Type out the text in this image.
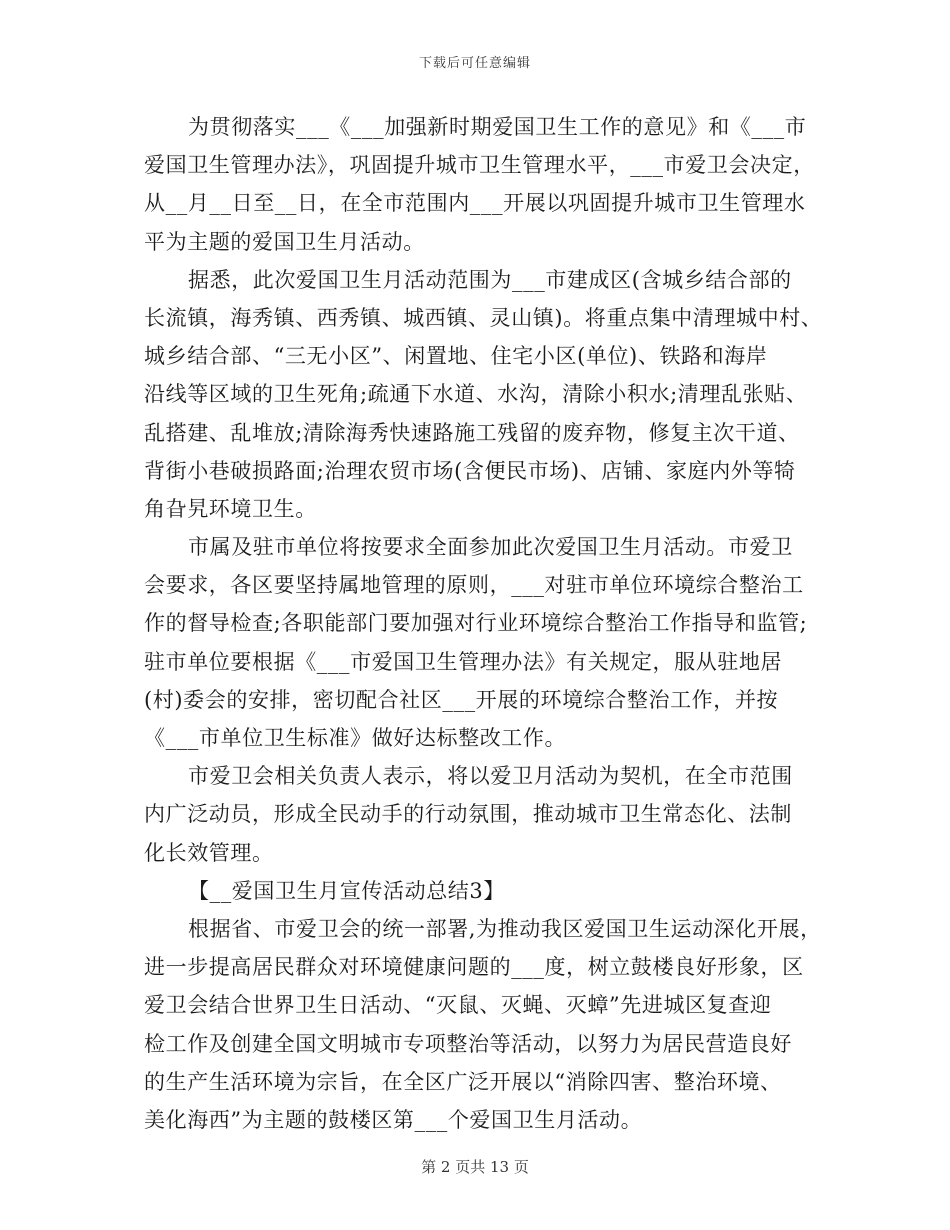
下载后可任意编辑
为贯彻落实___《___加强新时期爱国卫生工作的意见》和《___市
爱国卫生管理办法》，巩固提升城市卫生管理水平，___市爱卫会决定，
从__月__日至__日，在全市范围内___开展以巩固提升城市卫生管理水
平为主题的爱国卫生月活动。
据悉，此次爱国卫生月活动范围为___市建成区(含城乡结合部的
长流镇，海秀镇、西秀镇、城西镇、灵山镇)。将重点集中清理城中村、
城乡结合部、“三无小区”、闲置地、住宅小区(单位)、铁路和海岸
沿线等区域的卫生死角;疏通下水道、水沟，清除小积水;清理乱张贴、
乱搭建、乱堆放;清除海秀快速路施工残留的废弃物，修复主次干道、
背街小巷破损路面;治理农贸市场(含便民市场)、店铺、家庭内外等犄
角旮旯环境卫生。
市属及驻市单位将按要求全面参加此次爱国卫生月活动。市爱卫
会要求，各区要坚持属地管理的原则，___对驻市单位环境综合整治工
作的督导检查;各职能部门要加强对行业环境综合整治工作指导和监管;
驻市单位要根据《___市爱国卫生管理办法》有关规定，服从驻地居
(村)委会的安排，密切配合社区___开展的环境综合整治工作，并按
《___市单位卫生标准》做好达标整改工作。
市爱卫会相关负责人表示，将以爱卫月活动为契机，在全市范围
内广泛动员，形成全民动手的行动氛围，推动城市卫生常态化、法制
化长效管理。
【__爱国卫生月宣传活动总结3】
根据省、市爱卫会的统一部署,为推动我区爱国卫生运动深化开展，
进一步提高居民群众对环境健康问题的___度，树立鼓楼良好形象，区
爱卫会结合世界卫生日活动、“灭鼠、灭蝇、灭蟑”先进城区复查迎
检工作及创建全国文明城市专项整治等活动，以努力为居民营造良好
的生产生活环境为宗旨，在全区广泛开展以“消除四害、整治环境、
美化海西”为主题的鼓楼区第___个爱国卫生月活动。
第 2 页共 13 页
